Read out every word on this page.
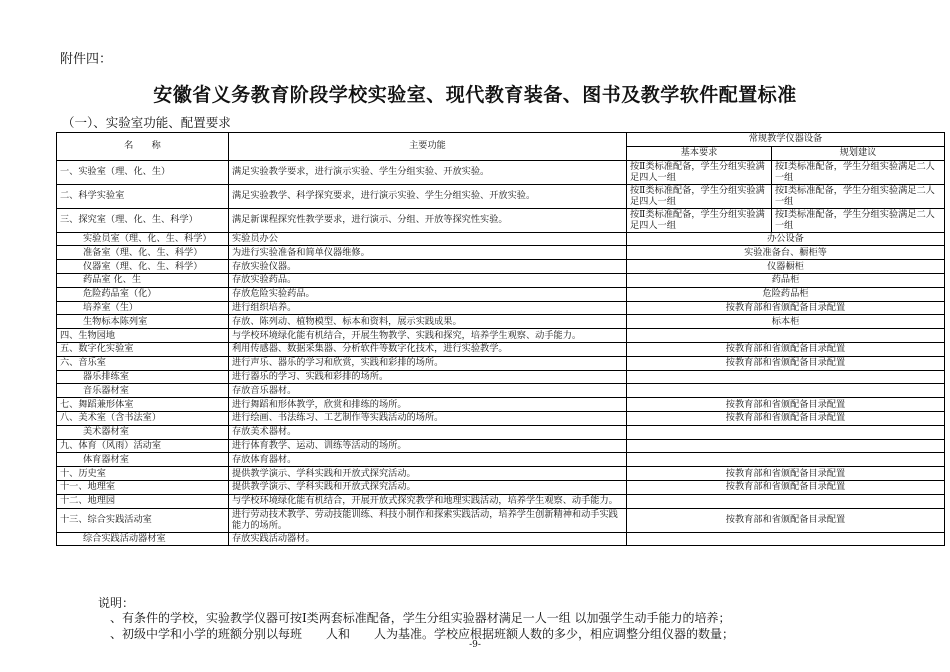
附件四：
安徽省义务教育阶段学校实验室、现代教育装备、图书及教学软件配置标准
（一）、实验室功能、配置要求
名　　称	主要功能	常规教学仪器设备	
		基本要求	规划建议
一、实验室（理、化、生）	满足实验教学要求，进行演示实验、学生分组实验、开放实验。	按Ⅱ类标准配备，学生分组实验满足四人一组	按Ⅰ类标准配备，学生分组实验满足二人一组
二、科学实验室	满足实验教学、科学探究要求，进行演示实验、学生分组实验、开放实验。	按Ⅱ类标准配备，学生分组实验满足四人一组	按Ⅰ类标准配备，学生分组实验满足二人一组
三、探究室（理、化、生、科学）	满足新课程探究性教学要求，进行演示、分组、开放等探究性实验。	按Ⅱ类标准配备，学生分组实验满足四人一组	按Ⅰ类标准配备，学生分组实验满足二人一组
实验员室（理、化、生、科学）	实验员办公	办公设备	
准备室（理、化、生、科学）	为进行实验准备和简单仪器维修。	实验准备台、橱柜等	
仪器室（理、化、生、科学）	存放实验仪器。	仪器橱柜	
药品室 化、生	存放实验药品。	药品柜	
危险药品室（化）	存放危险实验药品。	危险药品柜	
培养室（生）	进行组织培养。	按教育部和省颁配备目录配置	
生物标本陈列室	存放、陈列动、植物模型、标本和资料，展示实践成果。	标本柜	
四、生物园地	与学校环境绿化能有机结合，开展生物教学、实践和探究，培养学生观察、动手能力。		
五、数字化实验室	利用传感器、数据采集器、分析软件等数字化技术，进行实验教学。	按教育部和省颁配备目录配置	
六、音乐室	进行声乐、器乐的学习和欣赏，实践和彩排的场所。	按教育部和省颁配备目录配置	
器乐排练室	进行器乐的学习、实践和彩排的场所。		
音乐器材室	存放音乐器材。		
七、舞蹈兼形体室	进行舞蹈和形体教学，欣赏和排练的场所。	按教育部和省颁配备目录配置	
八、美术室（含书法室）	进行绘画、书法练习、工艺制作等实践活动的场所。	按教育部和省颁配备目录配置	
美术器材室	存放美术器材。		
九、体育（风雨）活动室	进行体育教学、运动、训练等活动的场所。		
体育器材室	存放体育器材。		
十、历史室	提供教学演示、学科实践和开放式探究活动。	按教育部和省颁配备目录配置	
十一、地理室	提供教学演示、学科实践和开放式探究活动。	按教育部和省颁配备目录配置	
十二、地理园	与学校环境绿化能有机结合，开展开放式探究教学和地理实践活动，培养学生观察、动手能力。		
十三、综合实践活动室	进行劳动技术教学、劳动技能训练、科技小制作和探索实践活动，培养学生创新精神和动手实践能力的场所。	按教育部和省颁配备目录配置	
综合实践活动器材室	存放实践活动器材。		
说明：
、有条件的学校，实验教学仪器可按Ⅰ类两套标准配备，学生分组实验器材满足一人一组 以加强学生动手能力的培养；
、初级中学和小学的班额分别以每班　　人和　　人为基准。学校应根据班额人数的多少，相应调整分组仪器的数量；
-9-
